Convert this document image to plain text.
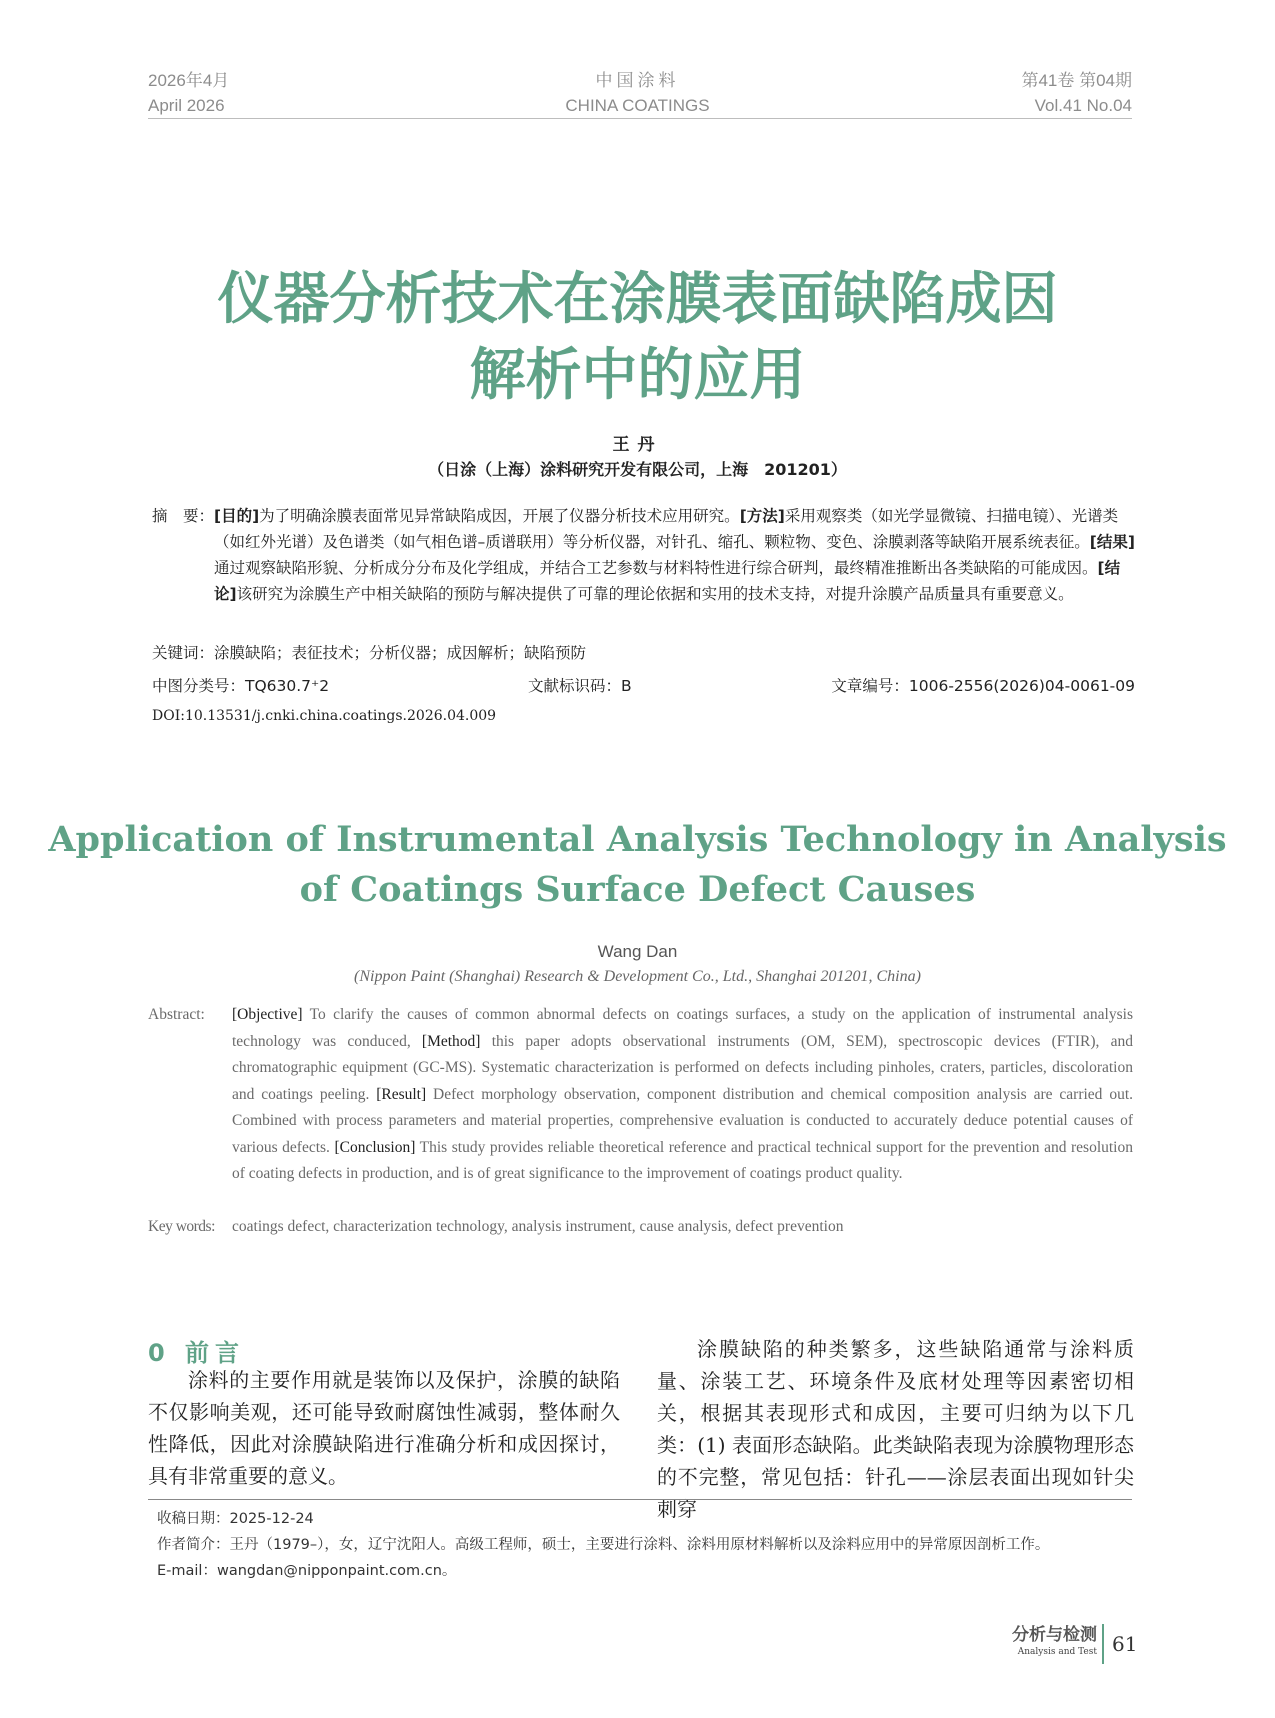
2026年4月
April 2026
中国涂料
CHINA COATINGS
第41卷 第04期
Vol.41 No.04
仪器分析技术在涂膜表面缺陷成因
解析中的应用
王丹
（日涂（上海）涂料研究开发有限公司，上海　201201）
摘　要： [目的]为了明确涂膜表面常见异常缺陷成因，开展了仪器分析技术应用研究。[方法]采用观察类（如光学显微镜、扫描电镜）、光谱类（如红外光谱）及色谱类（如气相色谱–质谱联用）等分析仪器，对针孔、缩孔、颗粒物、变色、涂膜剥落等缺陷开展系统表征。[结果]通过观察缺陷形貌、分析成分分布及化学组成，并结合工艺参数与材料特性进行综合研判，最终精准推断出各类缺陷的可能成因。[结论]该研究为涂膜生产中相关缺陷的预防与解决提供了可靠的理论依据和实用的技术支持，对提升涂膜产品质量具有重要意义。
关键词：涂膜缺陷；表征技术；分析仪器；成因解析；缺陷预防
中图分类号：TQ630.7⁺2	文献标识码：B	文章编号：1006-2556(2026)04-0061-09
DOI:10.13531/j.cnki.china.coatings.2026.04.009
Application of Instrumental Analysis Technology in Analysis
of Coatings Surface Defect Causes
Wang Dan
(Nippon Paint (Shanghai) Research & Development Co., Ltd., Shanghai 201201, China)
Abstract: [Objective] To clarify the causes of common abnormal defects on coatings surfaces, a study on the application of instrumental analysis technology was conduced, [Method] this paper adopts observational instruments (OM, SEM), spectroscopic devices (FTIR), and chromatographic equipment (GC-MS). Systematic characterization is performed on defects including pinholes, craters, particles, discoloration and coatings peeling. [Result] Defect morphology observation, component distribution and chemical composition analysis are carried out. Combined with process parameters and material properties, comprehensive evaluation is conducted to accurately deduce potential causes of various defects. [Conclusion] This study provides reliable theoretical reference and practical technical support for the prevention and resolution of coating defects in production, and is of great significance to the improvement of coatings product quality.
Key words: coatings defect, characterization technology, analysis instrument, cause analysis, defect prevention
0 前言
涂料的主要作用就是装饰以及保护，涂膜的缺陷不仅影响美观，还可能导致耐腐蚀性减弱，整体耐久性降低，因此对涂膜缺陷进行准确分析和成因探讨，具有非常重要的意义。
涂膜缺陷的种类繁多，这些缺陷通常与涂料质量、涂装工艺、环境条件及底材处理等因素密切相关，根据其表现形式和成因，主要可归纳为以下几类：(1) 表面形态缺陷。此类缺陷表现为涂膜物理形态的不完整，常见包括：针孔——涂层表面出现如针尖刺穿
收稿日期：2025-12-24
作者简介：王丹（1979–），女，辽宁沈阳人。高级工程师，硕士，主要进行涂料、涂料用原材料解析以及涂料应用中的异常原因剖析工作。
E-mail：wangdan@nipponpaint.com.cn。
分析与检测
Analysis and Test 61
